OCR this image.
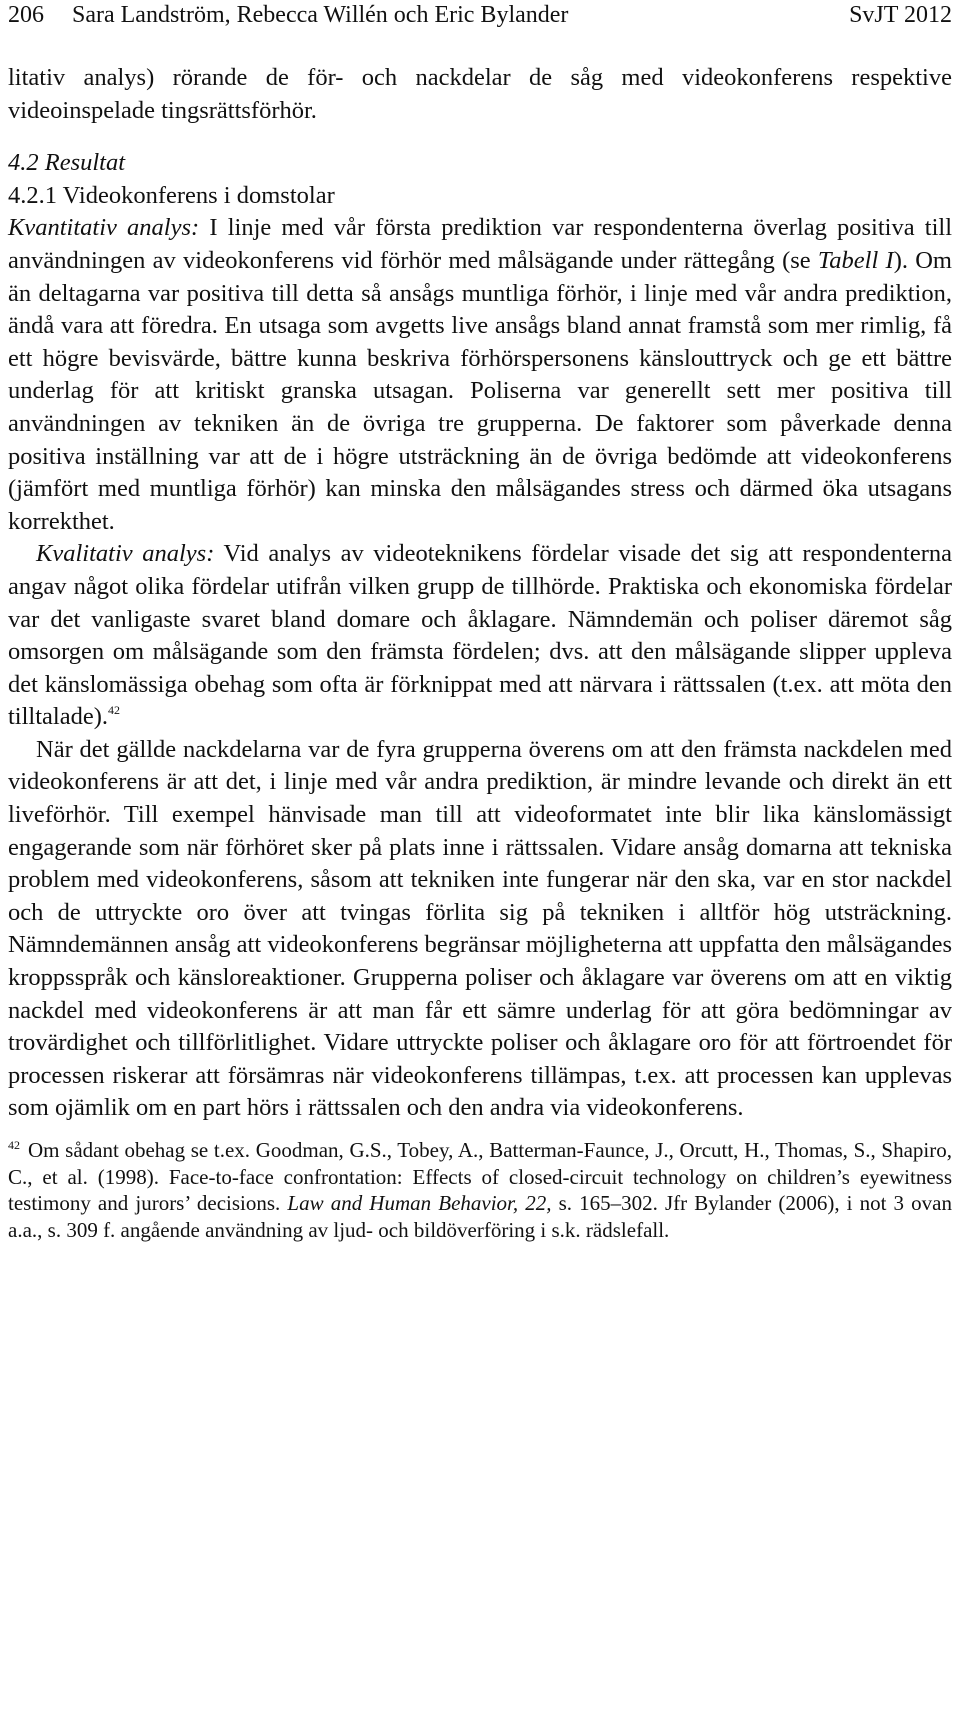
206 Sara Landström, Rebecca Willén och Eric Bylander	SvJT 2012

litativ analys) rörande de för- och nackdelar de såg med videokonferens respektive videoinspelade tingsrättsförhör.

4.2 Resultat

4.2.1 Videokonferens i domstolar

Kvantitativ analys: I linje med vår första prediktion var respondenterna överlag positiva till användningen av videokonferens vid förhör med målsägande under rättegång (se Tabell I). Om än deltagarna var positiva till detta så ansågs muntliga förhör, i linje med vår andra prediktion, ändå vara att föredra. En utsaga som avgetts live ansågs bland annat framstå som mer rimlig, få ett högre bevisvärde, bättre kunna beskriva förhörspersonens känslouttryck och ge ett bättre underlag för att kritiskt granska utsagan. Poliserna var generellt sett mer positiva till användningen av tekniken än de övriga tre grupperna. De faktorer som påverkade denna positiva inställning var att de i högre utsträckning än de övriga bedömde att videokonferens (jämfört med muntliga förhör) kan minska den målsägandes stress och därmed öka utsagans korrekthet.

Kvalitativ analys: Vid analys av videoteknikens fördelar visade det sig att respondenterna angav något olika fördelar utifrån vilken grupp de tillhörde. Praktiska och ekonomiska fördelar var det vanligaste svaret bland domare och åklagare. Nämndemän och poliser däremot såg omsorgen om målsägande som den främsta fördelen; dvs. att den målsägande slipper uppleva det känslomässiga obehag som ofta är förknippat med att närvara i rättssalen (t.ex. att möta den tilltalade).$^{42}$

När det gällde nackdelarna var de fyra grupperna överens om att den främsta nackdelen med videokonferens är att det, i linje med vår andra prediktion, är mindre levande och direkt än ett liveförhör. Till exempel hänvisade man till att videoformatet inte blir lika känslomässigt engagerande som när förhöret sker på plats inne i rättssalen. Vidare ansåg domarna att tekniska problem med videokonferens, såsom att tekniken inte fungerar när den ska, var en stor nackdel och de uttryckte oro över att tvingas förlita sig på tekniken i alltför hög utsträckning. Nämndemännen ansåg att videokonferens begränsar möjligheterna att uppfatta den målsägandes kroppsspråk och känsloreaktioner. Grupperna poliser och åklagare var överens om att en viktig nackdel med videokonferens är att man får ett sämre underlag för att göra bedömningar av trovärdighet och tillförlitlighet. Vidare uttryckte poliser och åklagare oro för att förtroendet för processen riskerar att försämras när videokonferens tillämpas, t.ex. att processen kan upplevas som ojämlik om en part hörs i rättssalen och den andra via videokonferens.

$^{42}$ Om sådant obehag se t.ex. Goodman, G.S., Tobey, A., Batterman-Faunce, J., Orcutt, H., Thomas, S., Shapiro, C., et al. (1998). Face-to-face confrontation: Effects of closed-circuit technology on children’s eyewitness testimony and jurors’ decisions. Law and Human Behavior, 22, s. 165–302. Jfr Bylander (2006), i not 3 ovan a.a., s. 309 f. angående användning av ljud- och bildöverföring i s.k. rädslefall.
